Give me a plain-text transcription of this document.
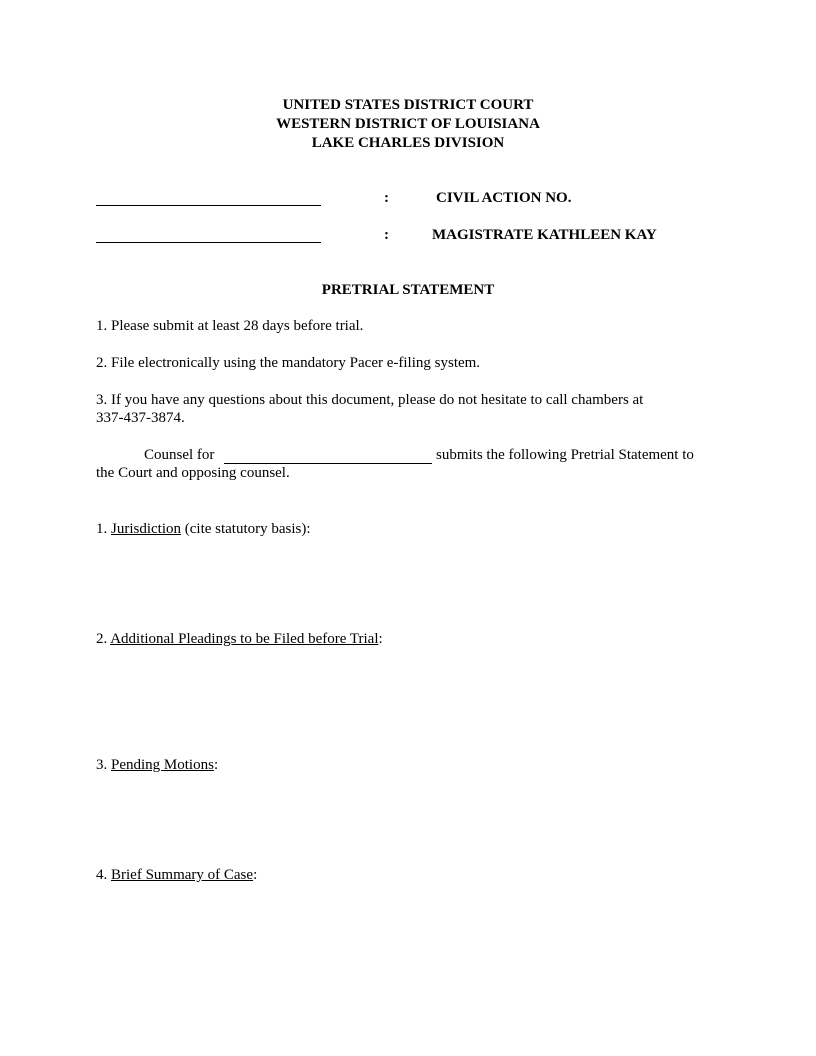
UNITED STATES DISTRICT COURT
WESTERN DISTRICT OF LOUISIANA
LAKE CHARLES DIVISION
:	CIVIL ACTION NO.
:	MAGISTRATE KATHLEEN KAY
PRETRIAL STATEMENT
1. Please submit at least 28 days before trial.
2. File electronically using the mandatory Pacer e-filing system.
3. If you have any questions about this document, please do not hesitate to call chambers at
337-437-3874.
Counsel for	submits the following Pretrial Statement to
the Court and opposing counsel.
1. Jurisdiction (cite statutory basis):
2. Additional Pleadings to be Filed before Trial:
3. Pending Motions:
4. Brief Summary of Case:
